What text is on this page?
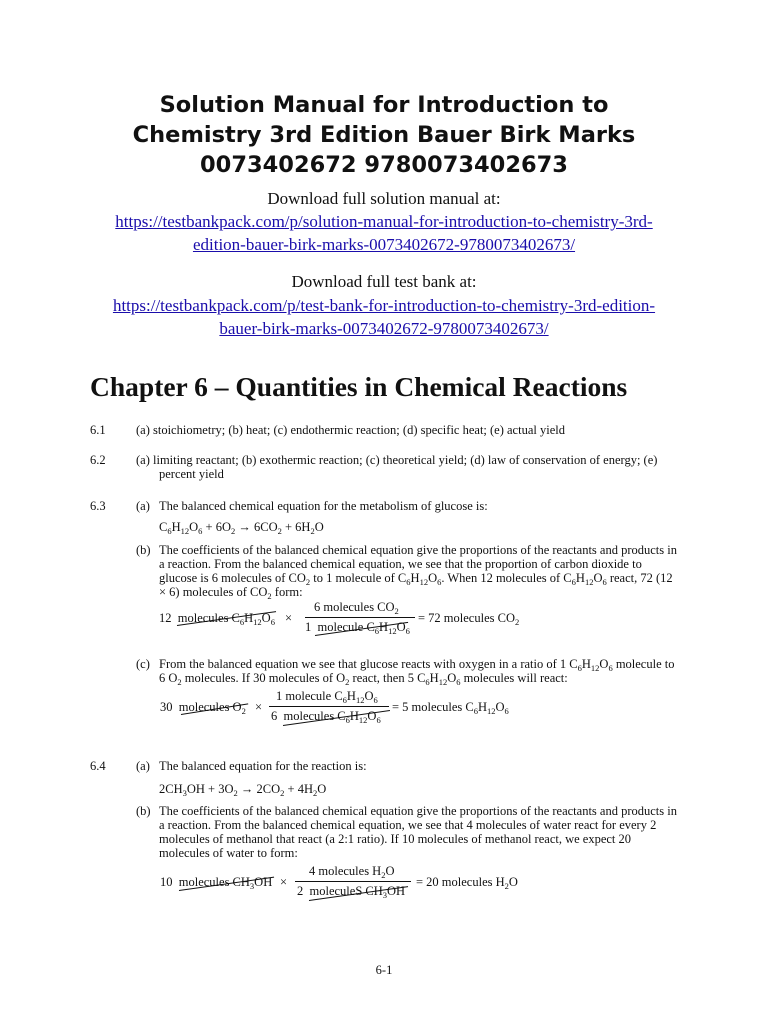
Solution Manual for Introduction to
Chemistry 3rd Edition Bauer Birk Marks
0073402672 9780073402673
Download full solution manual at:
https://testbankpack.com/p/solution-manual-for-introduction-to-chemistry-3rd-
edition-bauer-birk-marks-0073402672-9780073402673/
Download full test bank at:
https://testbankpack.com/p/test-bank-for-introduction-to-chemistry-3rd-edition-
bauer-birk-marks-0073402672-9780073402673/
Chapter 6 – Quantities in Chemical Reactions
6.1 (a) stoichiometry; (b) heat; (c) endothermic reaction; (d) specific heat; (e) actual yield
6.2 (a) limiting reactant; (b) exothermic reaction; (c) theoretical yield; (d) law of conservation of energy; (e) percent yield
6.3 (a) The balanced chemical equation for the metabolism of glucose is:
$C_6H_{12}O_6 + 6O_2 \to 6CO_2 + 6H_2O$
(b) The coefficients of the balanced chemical equation give the proportions of the reactants and products in a reaction. From the balanced chemical equation, we see that the proportion of carbon dioxide to glucose is 6 molecules of $CO_2$ to 1 molecule of $C_6H_{12}O_6$. When 12 molecules of $C_6H_{12}O_6$ react, 72 (12 × 6) molecules of $CO_2$ form:
12  molecules $C_6H_{12}O_6$ ×
6 molecules $CO_2$
1  molecule $C_6H_{12}O_6$
= 72 molecules $CO_2$
(c) From the balanced equation we see that glucose reacts with oxygen in a ratio of 1 $C_6H_{12}O_6$ molecule to 6 $O_2$ molecules. If 30 molecules of $O_2$ react, then 5 $C_6H_{12}O_6$ molecules will react:
30  molecules $O_2$ ×
1 molecule $C_6H_{12}O_6$
6  molecules $C_6H_{12}O_6$
= 5 molecules $C_6H_{12}O_6$
6.4 (a) The balanced equation for the reaction is:
$2CH_3OH + 3O_2 \to 2CO_2 + 4H_2O$
(b) The coefficients of the balanced chemical equation give the proportions of the reactants and products in a reaction. From the balanced chemical equation, we see that 4 molecules of water react for every 2 molecules of methanol that react (a 2:1 ratio). If 10 molecules of methanol react, we expect 20 molecules of water to form:
10  molecules $CH_3OH$ ×
4 molecules $H_2O$
2  moleculeS $CH_3OH$
= 20 molecules $H_2O$
6-1
